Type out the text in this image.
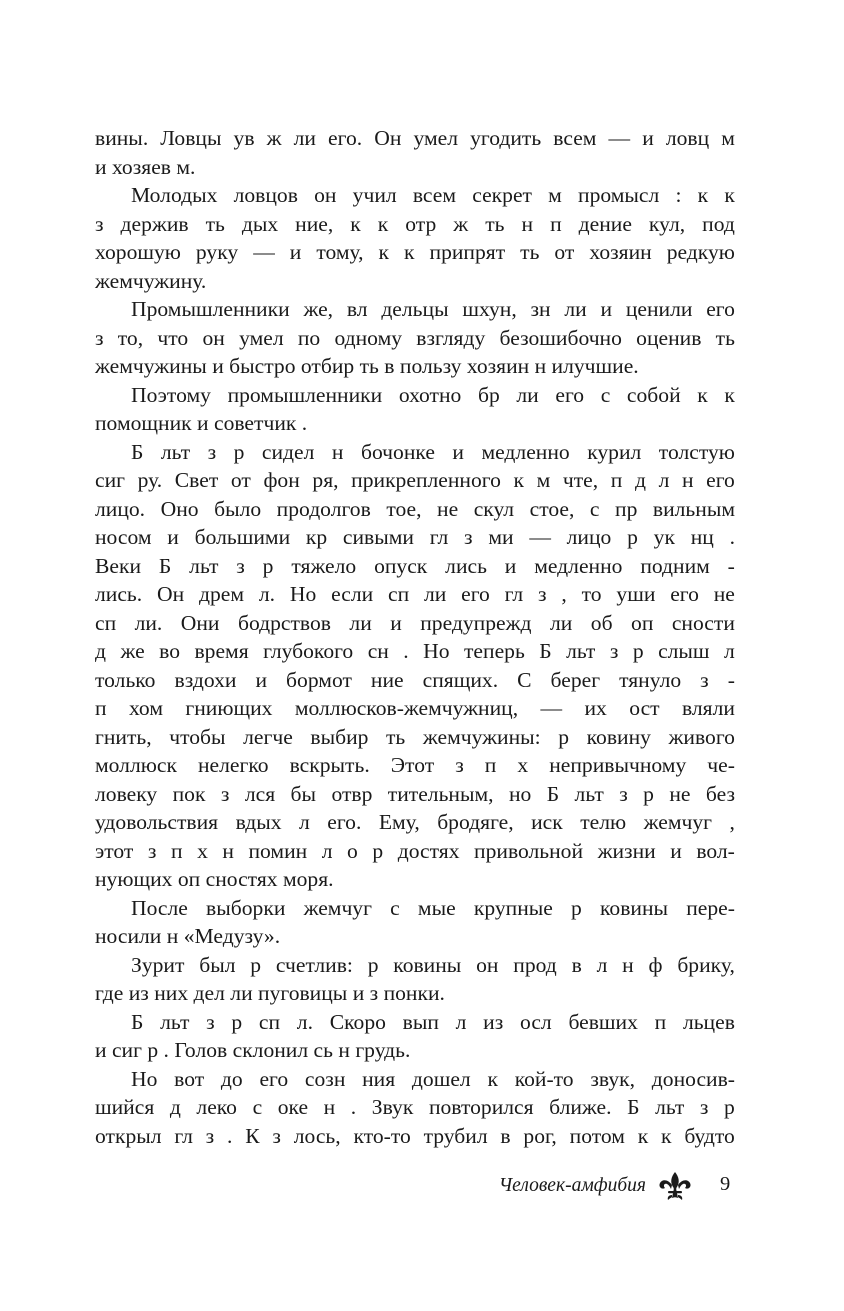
вины. Ловцы ув ж ли его. Он умел угодить всем — и ловц м
и хозяев м.
Молодых ловцов он учил всем секрет м промысл : к к
з держив ть дых ние, к к отр ж ть н п дение кул, под
хорошую руку — и тому, к к припрят ть от хозяин редкую
жемчужину.
Промышленники же, вл дельцы шхун, зн ли и ценили его
з то, что он умел по одному взгляду безошибочно оценив ть
жемчужины и быстро отбир ть в пользу хозяин н илучшие.
Поэтому промышленники охотно бр ли его с собой к к
помощник и советчик .
Б льт з р сидел н бочонке и медленно курил толстую
сиг ру. Свет от фон ря, прикрепленного к м чте, п д л н его
лицо. Оно было продолгов тое, не скул стое, с пр вильным
носом и большими кр сивыми гл з ми — лицо р ук нц .
Веки Б льт з р тяжело опуск лись и медленно подним -
лись. Он дрем л. Но если сп ли его гл з , то уши его не
сп ли. Они бодрствов ли и предупрежд ли об оп сности
д же во время глубокого сн . Но теперь Б льт з р слыш л
только вздохи и бормот ние спящих. С берег тянуло з -
п хом гниющих моллюсков-жемчужниц, — их ост вляли
гнить, чтобы легче выбир ть жемчужины: р ковину живого
моллюск нелегко вскрыть. Этот з п х непривычному че-
ловеку пок з лся бы отвр тительным, но Б льт з р не без
удовольствия вдых л его. Ему, бродяге, иск телю жемчуг ,
этот з п х н помин л о р достях привольной жизни и вол-
нующих оп сностях моря.
После выборки жемчуг с мые крупные р ковины пере-
носили н «Медузу».
Зурит был р счетлив: р ковины он прод в л н ф брику,
где из них дел ли пуговицы и з понки.
Б льт з р сп л. Скоро вып л из осл бевших п льцев
и сиг р . Голов склонил сь н грудь.
Но вот до его созн ния дошел к кой-то звук, доносив-
шийся д леко с оке н . Звук повторился ближе. Б льт з р
открыл гл з . К з лось, кто-то трубил в рог, потом к к будто
Человек-амфибия	9
